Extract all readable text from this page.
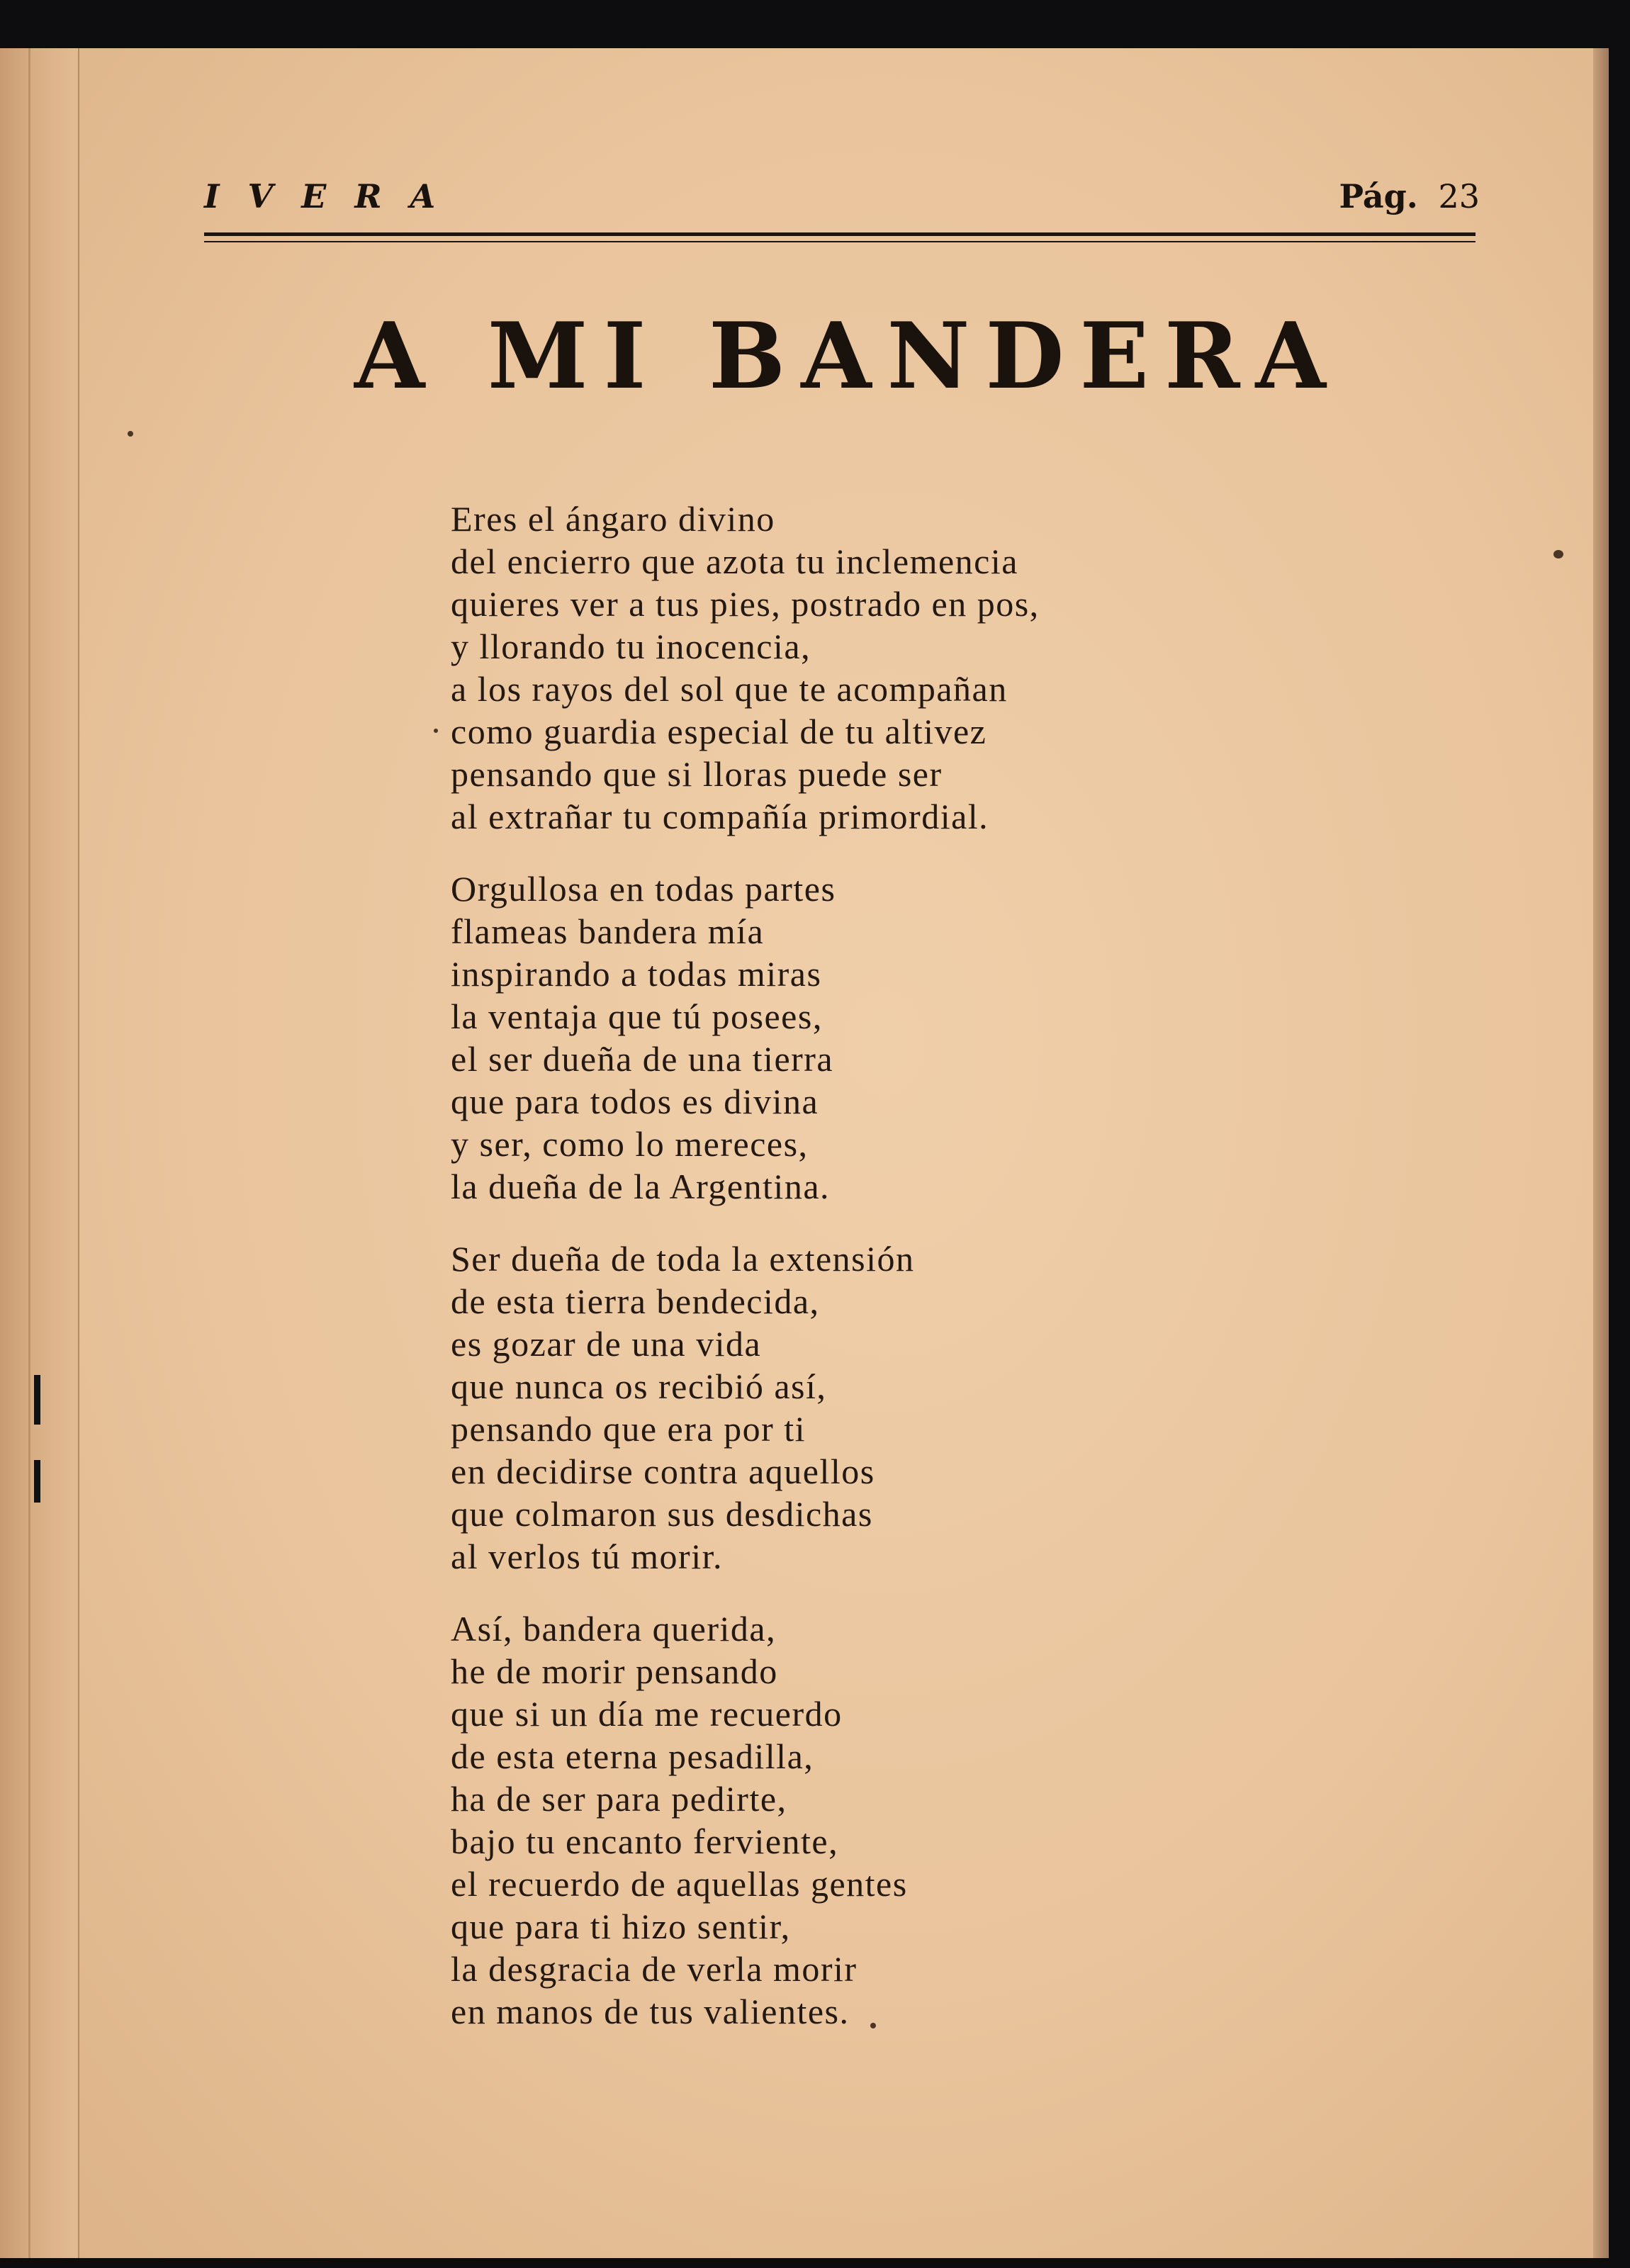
I V E R A	Pág. 23
A MI BANDERA
Eres el ángaro divino
del encierro que azota tu inclemencia
quieres ver a tus pies, postrado en pos,
y llorando tu inocencia,
a los rayos del sol que te acompañan
como guardia especial de tu altivez
pensando que si lloras puede ser
al extrañar tu compañía primordial.
Orgullosa en todas partes
flameas bandera mía
inspirando a todas miras
la ventaja que tú posees,
el ser dueña de una tierra
que para todos es divina
y ser, como lo mereces,
la dueña de la Argentina.
Ser dueña de toda la extensión
de esta tierra bendecida,
es gozar de una vida
que nunca os recibió así,
pensando que era por ti
en decidirse contra aquellos
que colmaron sus desdichas
al verlos tú morir.
Así, bandera querida,
he de morir pensando
que si un día me recuerdo
de esta eterna pesadilla,
ha de ser para pedirte,
bajo tu encanto ferviente,
el recuerdo de aquellas gentes
que para ti hizo sentir,
la desgracia de verla morir
en manos de tus valientes.
